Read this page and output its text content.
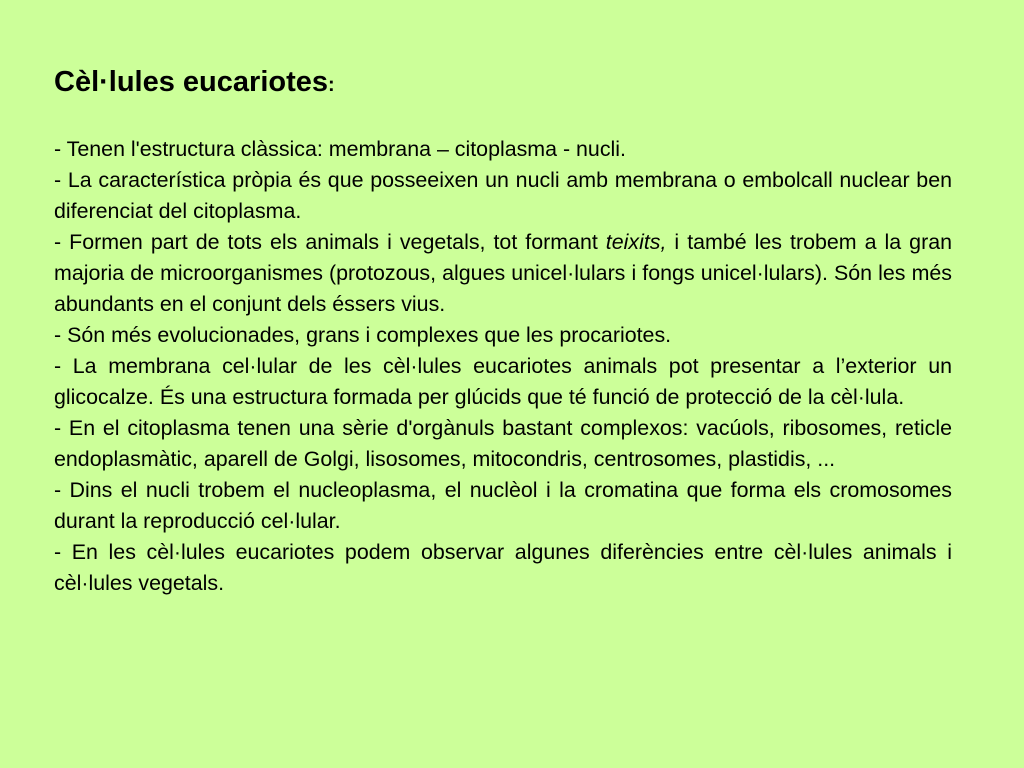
Cèl·lules eucariotes:

- Tenen l'estructura clàssica: membrana – citoplasma - nucli.

- La característica pròpia és que posseeixen un nucli amb membrana o embolcall nuclear ben diferenciat del citoplasma.

- Formen part de tots els animals i vegetals, tot formant teixits, i també les trobem a la gran majoria de microorganismes (protozous, algues unicel·lulars i fongs unicel·lulars). Són les més abundants en el conjunt dels éssers vius.

- Són més evolucionades, grans i complexes que les procariotes.

- La membrana cel·lular de les cèl·lules eucariotes animals pot presentar a l’exterior un glicocalze. És una estructura formada per glúcids que té funció de protecció de la cèl·lula.

- En el citoplasma tenen una sèrie d'orgànuls bastant complexos: vacúols, ribosomes, reticle endoplasmàtic, aparell de Golgi, lisosomes, mitocondris, centrosomes, plastidis, ...

- Dins el nucli trobem el nucleoplasma, el nuclèol i la cromatina que forma els cromosomes durant la reproducció cel·lular.

- En les cèl·lules eucariotes podem observar algunes diferències entre cèl·lules animals i cèl·lules vegetals.
